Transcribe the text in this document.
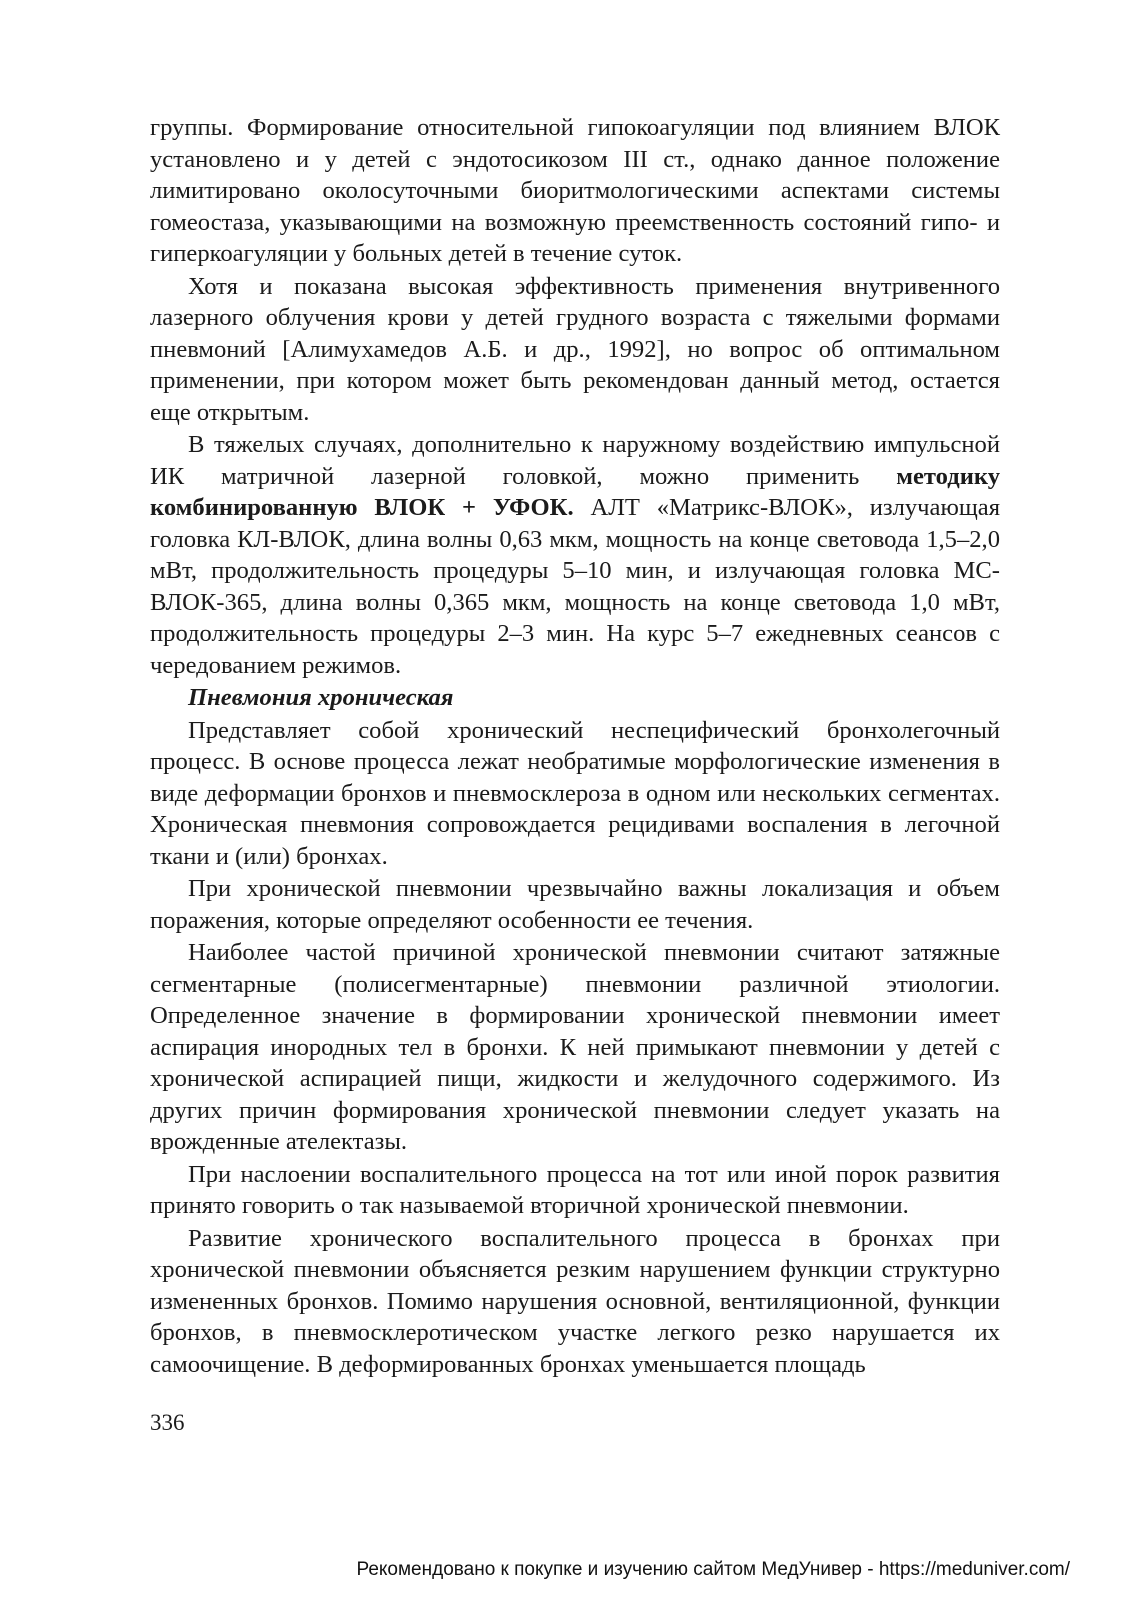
группы. Формирование относительной гипокоагуляции под влиянием ВЛОК установлено и у детей с эндотосикозом III ст., однако данное положение лимитировано околосуточными биоритмологическими аспектами системы гомеостаза, указывающими на возможную преемственность состояний гипо- и гиперкоагуляции у больных детей в течение суток.

Хотя и показана высокая эффективность применения внутривенного лазерного облучения крови у детей грудного возраста с тяжелыми формами пневмоний [Алимухамедов А.Б. и др., 1992], но вопрос об оптимальном применении, при котором может быть рекомендован данный метод, остается еще открытым.

В тяжелых случаях, дополнительно к наружному воздействию импульсной ИК матричной лазерной головкой, можно применить методику комбинированную ВЛОК + УФОК. АЛТ «Матрикс-ВЛОК», излучающая головка КЛ-ВЛОК, длина волны 0,63 мкм, мощность на конце световода 1,5–2,0 мВт, продолжительность процедуры 5–10 мин, и излучающая головка МС-ВЛОК-365, длина волны 0,365 мкм, мощность на конце световода 1,0 мВт, продолжительность процедуры 2–3 мин. На курс 5–7 ежедневных сеансов с чередованием режимов.

Пневмония хроническая

Представляет собой хронический неспецифический бронхолегочный процесс. В основе процесса лежат необратимые морфологические изменения в виде деформации бронхов и пневмосклероза в одном или нескольких сегментах. Хроническая пневмония сопровождается рецидивами воспаления в легочной ткани и (или) бронхах.

При хронической пневмонии чрезвычайно важны локализация и объем поражения, которые определяют особенности ее течения.

Наиболее частой причиной хронической пневмонии считают затяжные сегментарные (полисегментарные) пневмонии различной этиологии. Определенное значение в формировании хронической пневмонии имеет аспирация инородных тел в бронхи. К ней примыкают пневмонии у детей с хронической аспирацией пищи, жидкости и желудочного содержимого. Из других причин формирования хронической пневмонии следует указать на врожденные ателектазы.

При наслоении воспалительного процесса на тот или иной порок развития принято говорить о так называемой вторичной хронической пневмонии.

Развитие хронического воспалительного процесса в бронхах при хронической пневмонии объясняется резким нарушением функции структурно измененных бронхов. Помимо нарушения основной, вентиляционной, функции бронхов, в пневмосклеротическом участке легкого резко нарушается их самоочищение. В деформированных бронхах уменьшается площадь

336
Рекомендовано к покупке и изучению сайтом МедУнивер - https://meduniver.com/
